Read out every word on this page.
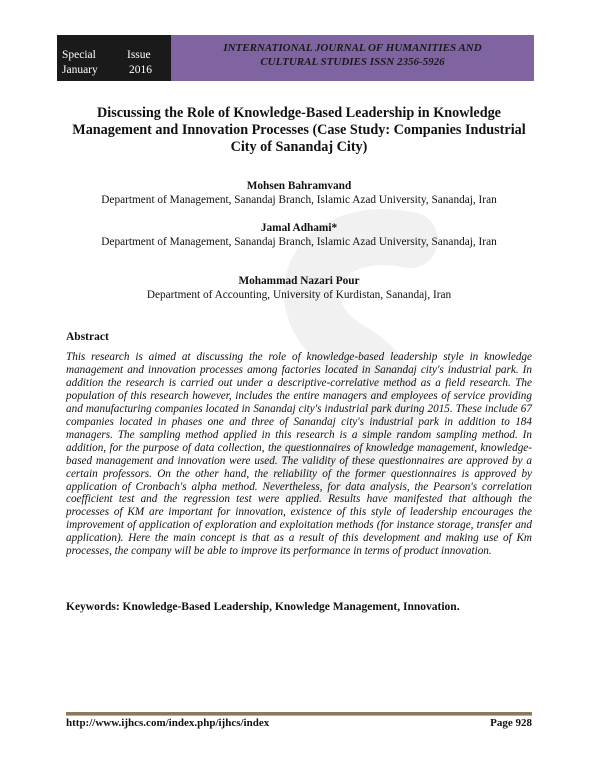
Special	Issue
January	2016
INTERNATIONAL JOURNAL OF HUMANITIES AND
CULTURAL STUDIES ISSN 2356-5926
Discussing the Role of Knowledge-Based Leadership in Knowledge
Management and Innovation Processes (Case Study: Companies Industrial
City of Sanandaj City)
Mohsen Bahramvand
Department of Management, Sanandaj Branch, Islamic Azad University, Sanandaj, Iran
Jamal Adhami*
Department of Management, Sanandaj Branch, Islamic Azad University, Sanandaj, Iran
Mohammad Nazari Pour
Department of Accounting, University of Kurdistan, Sanandaj, Iran
Abstract
This research is aimed at discussing the role of knowledge-based leadership style in knowledge management and innovation processes among factories located in Sanandaj city's industrial park. In addition the research is carried out under a descriptive-correlative method as a field research. The population of this research however, includes the entire managers and employees of service providing and manufacturing companies located in Sanandaj city's industrial park during 2015. These include 67 companies located in phases one and three of Sanandaj city's industrial park in addition to 184 managers. The sampling method applied in this research is a simple random sampling method. In addition, for the purpose of data collection, the questionnaires of knowledge management, knowledge-based management and innovation were used. The validity of these questionnaires are approved by a certain professors. On the other hand, the reliability of the former questionnaires is approved by application of Cronbach's alpha method. Nevertheless, for data analysis, the Pearson's correlation coefficient test and the regression test were applied. Results have manifested that although the processes of KM are important for innovation, existence of this style of leadership encourages the improvement of application of exploration and exploitation methods (for instance storage, transfer and application). Here the main concept is that as a result of this development and making use of Km processes, the company will be able to improve its performance in terms of product innovation.
Keywords: Knowledge-Based Leadership, Knowledge Management, Innovation.
http://www.ijhcs.com/index.php/ijhcs/index	Page 928
